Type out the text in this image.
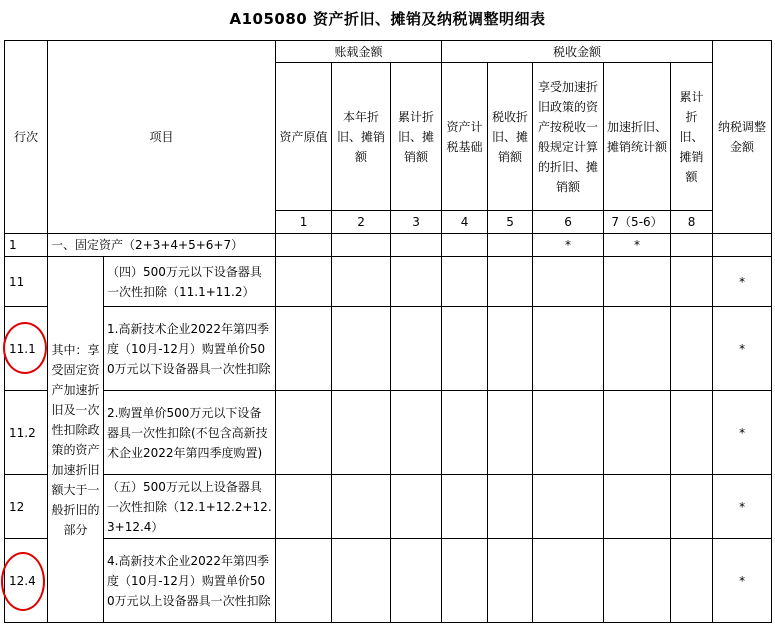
A105080 资产折旧、摊销及纳税调整明细表
行次	项目		账载金额			税收金额					纳税调整金额
			资产原值	本年折旧、摊销额	累计折旧、摊销额	资产计税基础	税收折旧、摊销额	享受加速折旧政策的资产按税收一般规定计算的折旧、摊销额	加速折旧、摊销统计额	累计折旧、摊销额	
			1	2	3	4	5	6	7（5-6）	8	
1	一、固定资产（2+3+4+5+6+7）							*	*		
11	其中：享受固定资产加速折旧及一次性扣除政策的资产加速折旧额大于一般折旧的部分	（四）500万元以下设备器具一次性扣除（11.1+11.2）									*
11.1		1.高新技术企业2022年第四季度（10月-12月）购置单价500万元以下设备器具一次性扣除									*
11.2		2.购置单价500万元以下设备器具一次性扣除(不包含高新技术企业2022年第四季度购置)									*
12		（五）500万元以上设备器具一次性扣除（12.1+12.2+12.3+12.4）									*
12.4		4.高新技术企业2022年第四季度（10月-12月）购置单价500万元以上设备器具一次性扣除									*
